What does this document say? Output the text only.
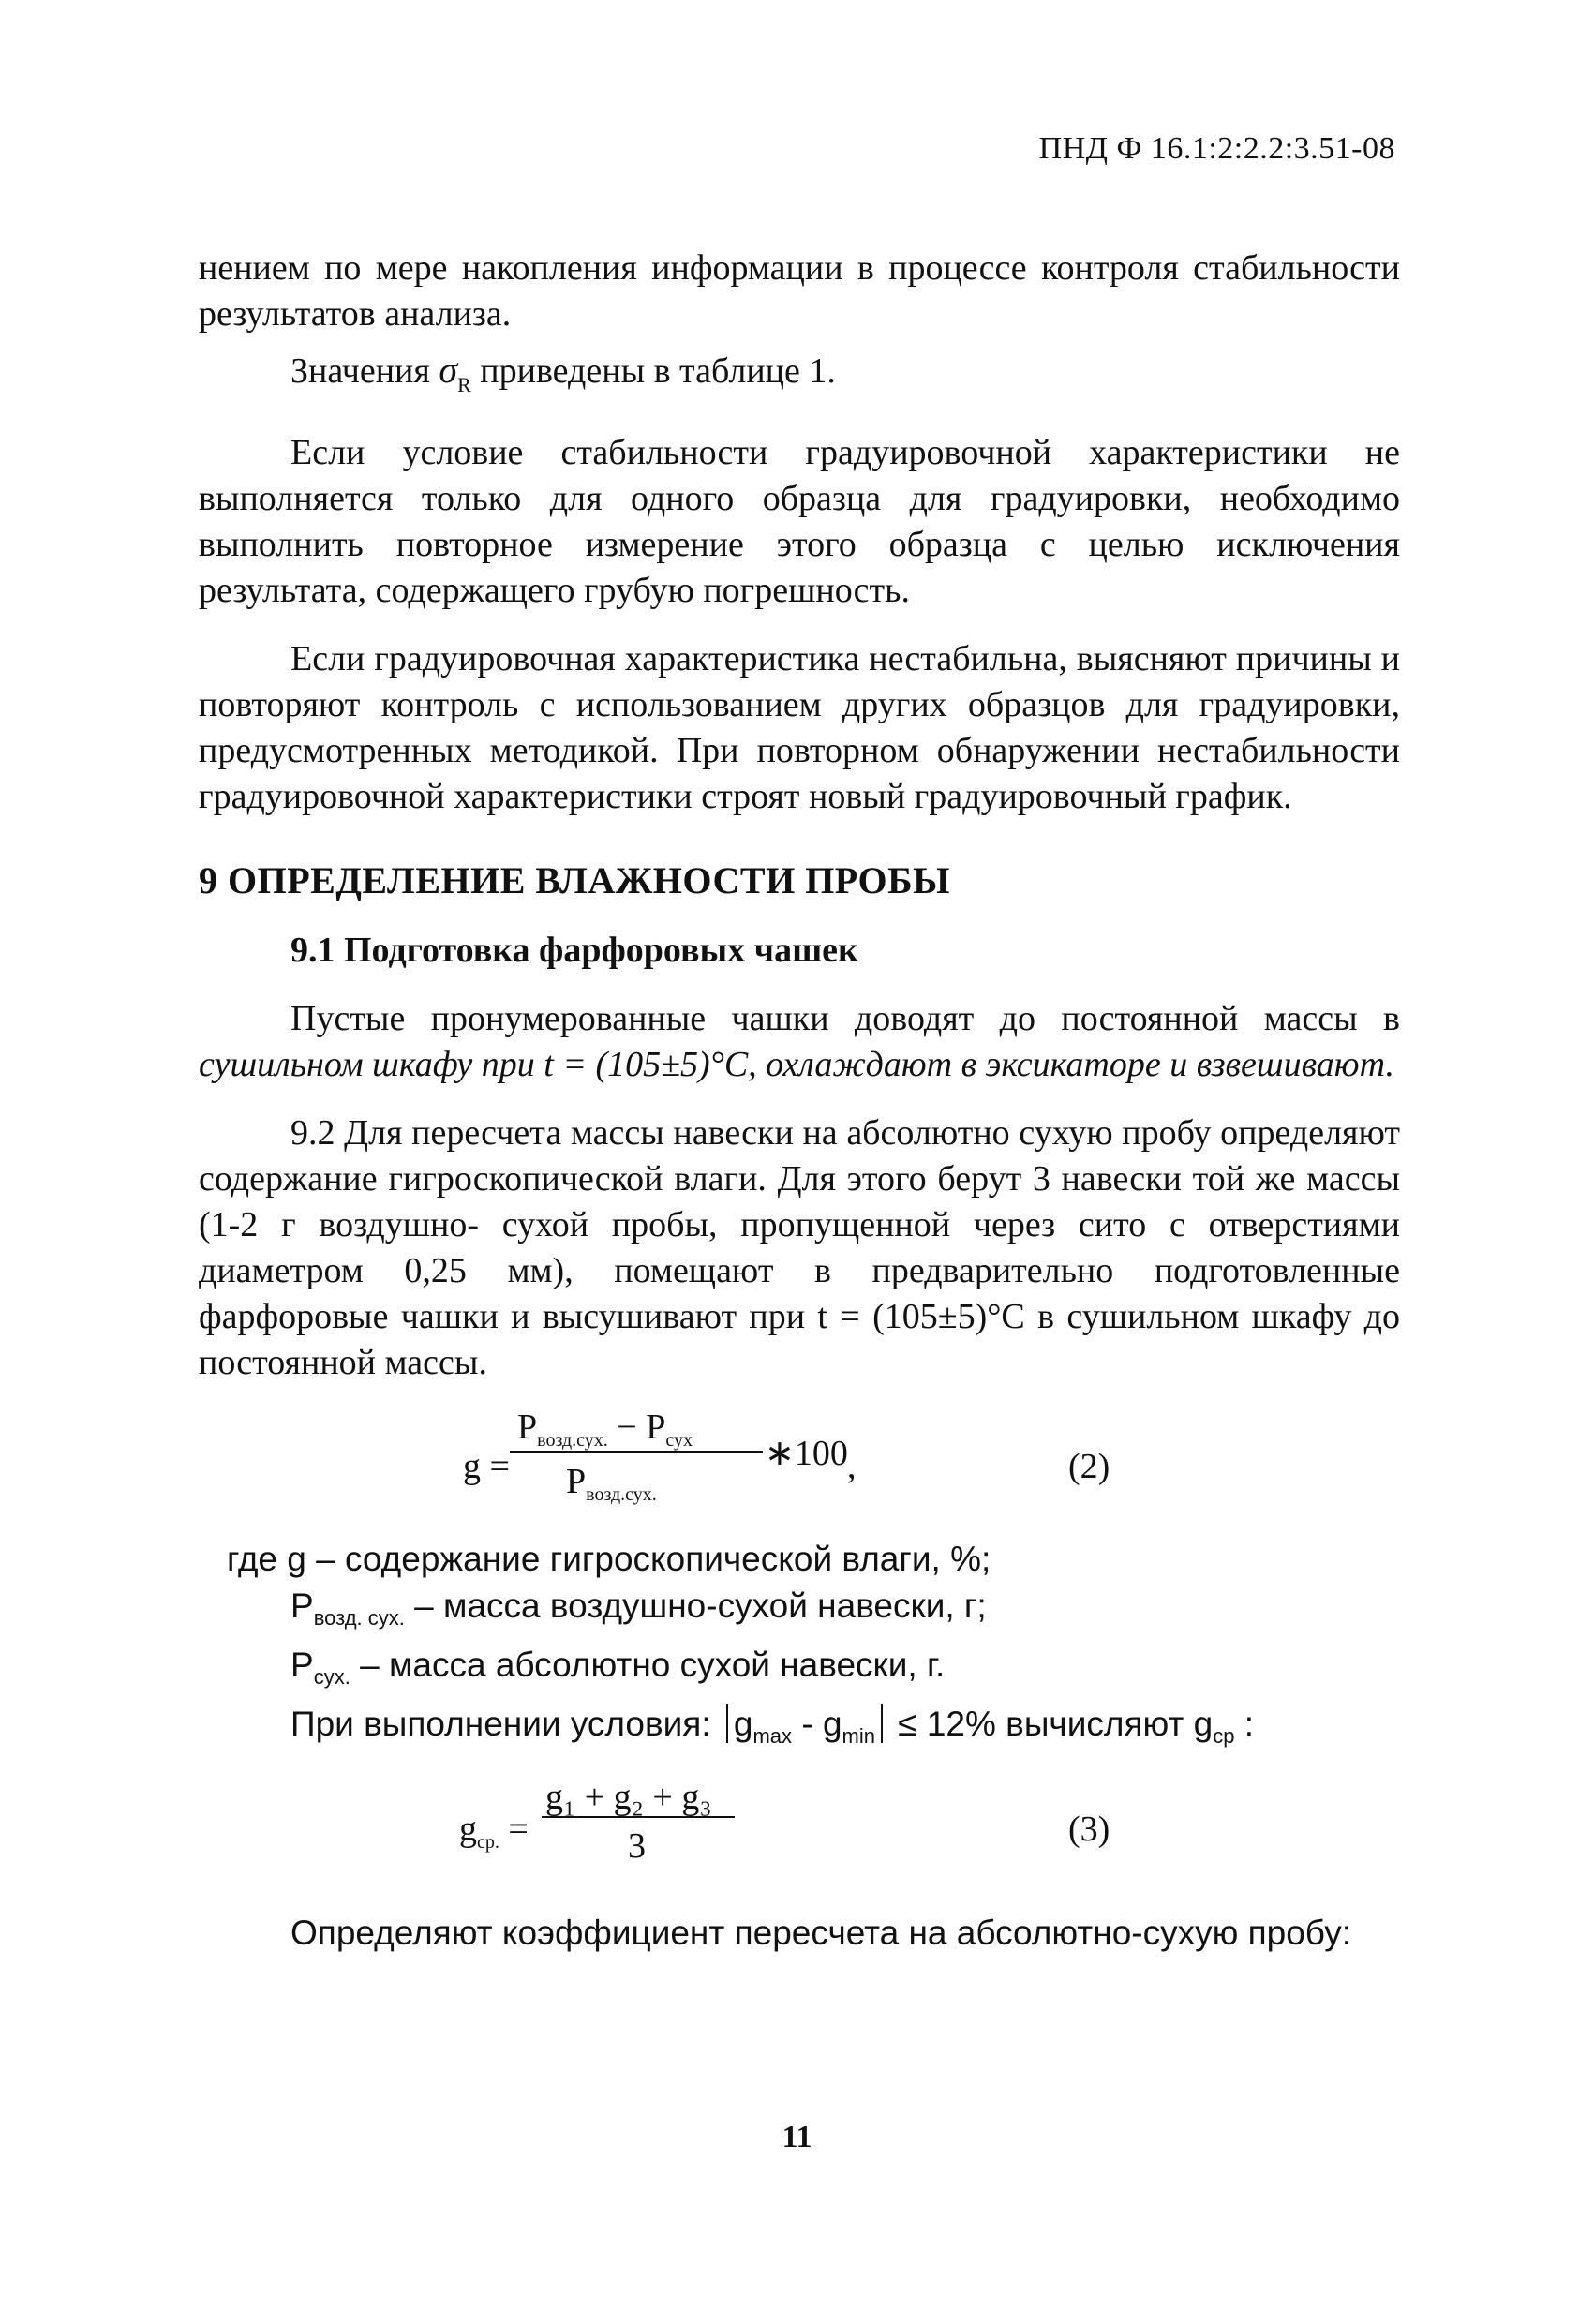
ПНД Ф 16.1:2:2.2:3.51-08

нением по мере накопления информации в процессе контроля стабильности результатов анализа.

Значения $\sigma_R$ приведены в таблице 1.

Если условие стабильности градуировочной характеристики не выполняется только для одного образца для градуировки, необходимо выполнить повторное измерение этого образца с целью исключения результата, содержащего грубую погрешность.

Если градуировочная характеристика нестабильна, выясняют причины и повторяют контроль с использованием других образцов для градуировки, предусмотренных методикой. При повторном обнаружении нестабильности градуировочной характеристики строят новый градуировочный график.

9 ОПРЕДЕЛЕНИЕ ВЛАЖНОСТИ ПРОБЫ
9.1 Подготовка фарфоровых чашек

Пустые пронумерованные чашки доводят до постоянной массы в сушильном шкафу при t = (105±5)°С, охлаждают в эксикаторе и взвешивают.

9.2 Для пересчета массы навески на абсолютно сухую пробу определяют содержание гигроскопической влаги. Для этого берут 3 навески той же массы (1-2 г воздушно- сухой пробы, пропущенной через сито с отверстиями диаметром 0,25 мм), помещают в предварительно подготовленные фарфоровые чашки и высушивают при t = (105±5)°С в сушильном шкафу до постоянной массы.

g =
$P_{возд.сух.} - P_{сух}$
$P_{возд.сух.}$
∗100 ,	(2)
где g – содержание гигроскопической влаги, %;
$P_{возд. сух.}$ – масса воздушно-сухой навески, г;
$P_{сух.}$ – масса абсолютно сухой навески, г.
При выполнении условия: $g_{max} - g_{min} \le 12\%$ вычисляют $g_{ср}$ :
$g_{ср.}$ =
g₁ + g₂ + g₃
3	(3)
Определяют коэффициент пересчета на абсолютно-сухую пробу:
11
